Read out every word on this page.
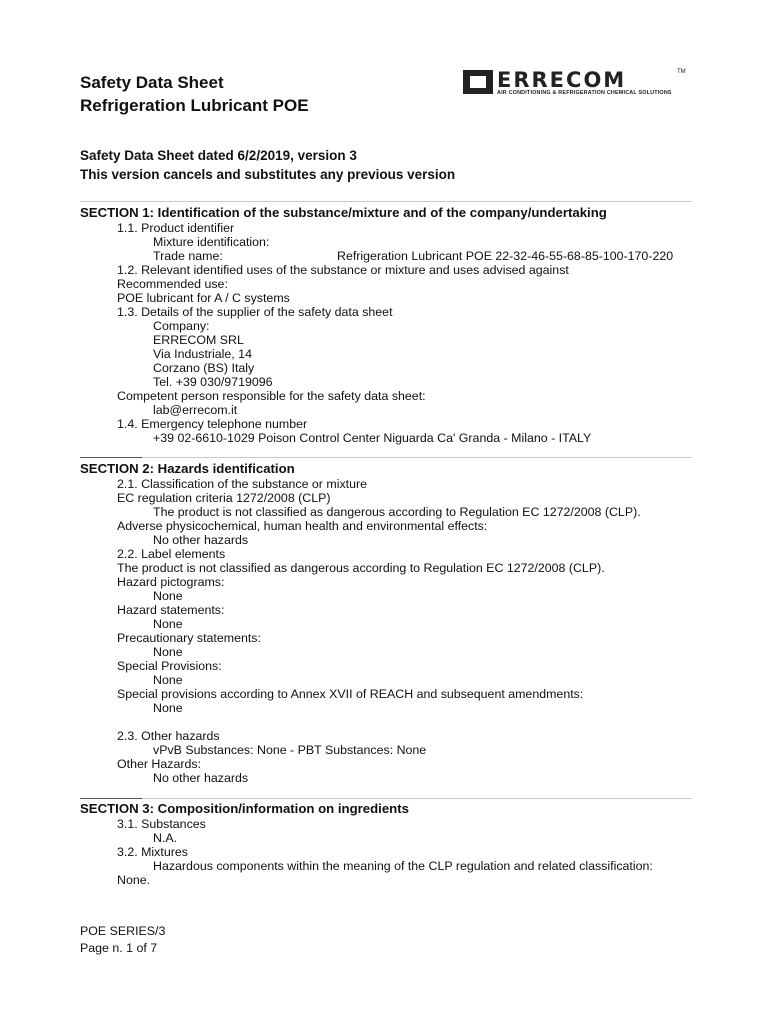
Safety Data Sheet
Refrigeration Lubricant POE
ERRECOM	TM
AIR CONDITIONING & REFRIGERATION CHEMICAL SOLUTIONS
Safety Data Sheet dated 6/2/2019, version 3
This version cancels and substitutes any previous version
SECTION 1: Identification of the substance/mixture and of the company/undertaking
1.1. Product identifier
Mixture identification:
Trade name:	Refrigeration Lubricant POE 22-32-46-55-68-85-100-170-220
1.2. Relevant identified uses of the substance or mixture and uses advised against
Recommended use:
POE lubricant for A / C systems
1.3. Details of the supplier of the safety data sheet
Company:
ERRECOM SRL
Via Industriale, 14
Corzano (BS) Italy
Tel. +39 030/9719096
Competent person responsible for the safety data sheet:
lab@errecom.it
1.4. Emergency telephone number
+39 02-6610-1029 Poison Control Center Niguarda Ca' Granda - Milano - ITALY
SECTION 2: Hazards identification
2.1. Classification of the substance or mixture
EC regulation criteria 1272/2008 (CLP)
The product is not classified as dangerous according to Regulation EC 1272/2008 (CLP).
Adverse physicochemical, human health and environmental effects:
No other hazards
2.2. Label elements
The product is not classified as dangerous according to Regulation EC 1272/2008 (CLP).
Hazard pictograms:
None
Hazard statements:
None
Precautionary statements:
None
Special Provisions:
None
Special provisions according to Annex XVII of REACH and subsequent amendments:
None
2.3. Other hazards
vPvB Substances: None - PBT Substances: None
Other Hazards:
No other hazards
SECTION 3: Composition/information on ingredients
3.1. Substances
N.A.
3.2. Mixtures
Hazardous components within the meaning of the CLP regulation and related classification:
None.
POE SERIES/3
Page n. 1 of 7
